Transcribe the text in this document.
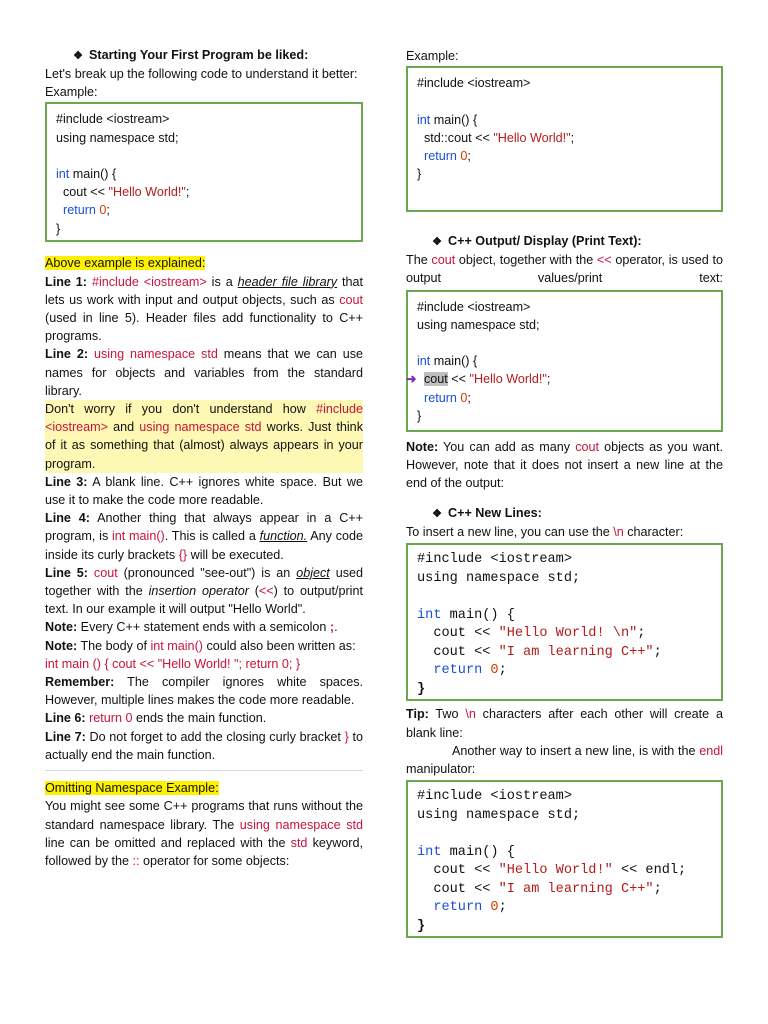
❖ Starting Your First Program be liked:

Let's break up the following code to understand it better:

Example:

#include <iostream>
using namespace std;

int main() {
cout << "Hello World!";
return 0;
}

Above example is explained:

Line 1: #include <iostream> is a header file library that lets us work with input and output objects, such as cout (used in line 5). Header files add functionality to C++ programs.

Line 2: using namespace std means that we can use names for objects and variables from the standard library.

Don't worry if you don't understand how #include <iostream> and using namespace std works. Just think of it as something that (almost) always appears in your program.

Line 3: A blank line. C++ ignores white space. But we use it to make the code more readable.

Line 4: Another thing that always appear in a C++ program, is int main(). This is called a function. Any code inside its curly brackets {} will be executed.

Line 5: cout (pronounced "see-out") is an object used together with the insertion operator (<<) to output/print text. In our example it will output "Hello World".

Note: Every C++ statement ends with a semicolon ;.

Note: The body of int main() could also been written as:

int main () { cout << "Hello World! "; return 0; }

Remember: The compiler ignores white spaces. However, multiple lines makes the code more readable.

Line 6: return 0 ends the main function.

Line 7: Do not forget to add the closing curly bracket } to actually end the main function.

Omitting Namespace Example:

You might see some C++ programs that runs without the standard namespace library. The using namespace std line can be omitted and replaced with the std keyword, followed by the :: operator for some objects:

Example:

#include <iostream>

int main() {
std::cout << "Hello World!";
return 0;
}

❖ C++ Output/ Display (Print Text):

The cout object, together with the << operator, is used to output values/print text:

#include <iostream>
using namespace std;

int main() {
➜ cout << "Hello World!";
return 0;
}

Note: You can add as many cout objects as you want. However, note that it does not insert a new line at the end of the output:

❖ C++ New Lines:

To insert a new line, you can use the \n character:

#include <iostream>
using namespace std;

int main() {
cout << "Hello World! \n";
cout << "I am learning C++";
return 0;
}

Tip: Two \n characters after each other will create a blank line:

Another way to insert a new line, is with the endl manipulator:

#include <iostream>
using namespace std;

int main() {
cout << "Hello World!" << endl;
cout << "I am learning C++";
return 0;
}
